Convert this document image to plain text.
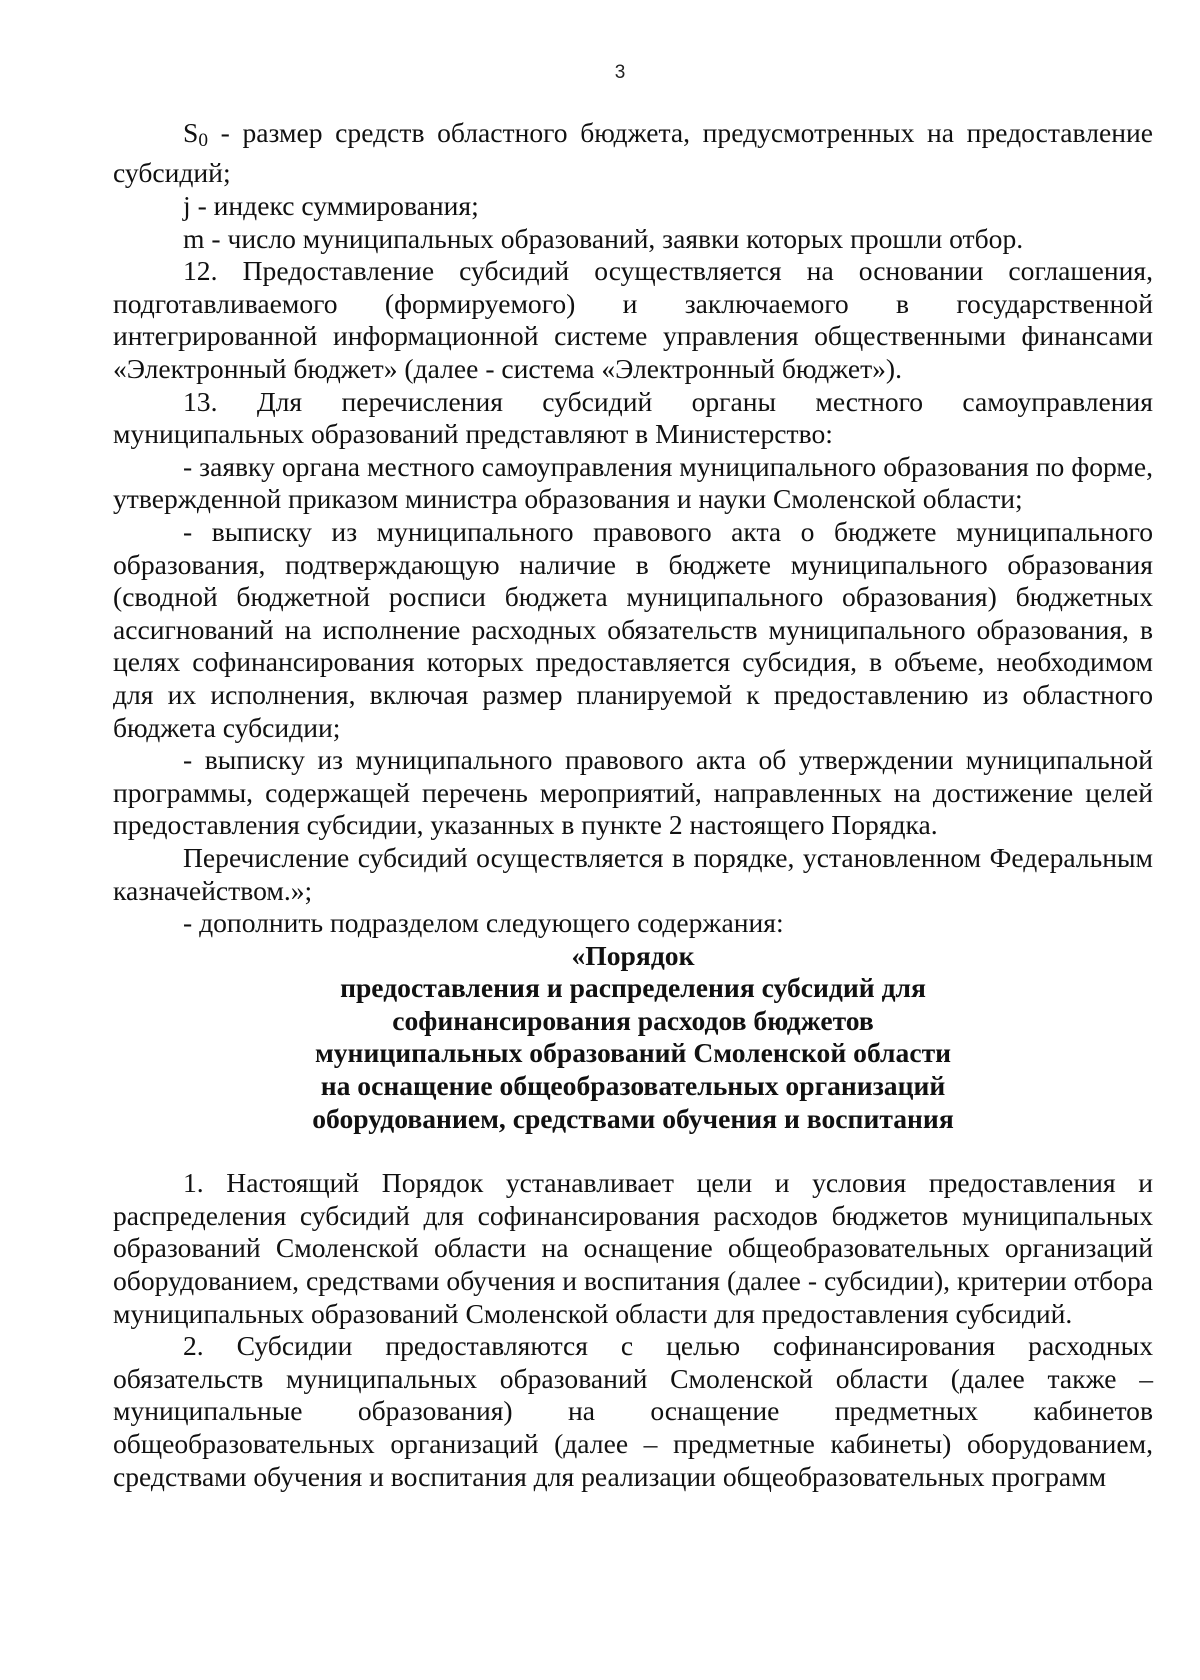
3

S0 - размер средств областного бюджета, предусмотренных на предоставление субсидий;

j - индекс суммирования;

m - число муниципальных образований, заявки которых прошли отбор.

12. Предоставление субсидий осуществляется на основании соглашения, подготавливаемого (формируемого) и заключаемого в государственной интегрированной информационной системе управления общественными финансами «Электронный бюджет» (далее - система «Электронный бюджет»).

13. Для перечисления субсидий органы местного самоуправления муниципальных образований представляют в Министерство:

- заявку органа местного самоуправления муниципального образования по форме, утвержденной приказом министра образования и науки Смоленской области;

- выписку из муниципального правового акта о бюджете муниципального образования, подтверждающую наличие в бюджете муниципального образования (сводной бюджетной росписи бюджета муниципального образования) бюджетных ассигнований на исполнение расходных обязательств муниципального образования, в целях софинансирования которых предоставляется субсидия, в объеме, необходимом для их исполнения, включая размер планируемой к предоставлению из областного бюджета субсидии;

- выписку из муниципального правового акта об утверждении муниципальной программы, содержащей перечень мероприятий, направленных на достижение целей предоставления субсидии, указанных в пункте 2 настоящего Порядка.

Перечисление субсидий осуществляется в порядке, установленном Федеральным казначейством.»;

- дополнить подразделом следующего содержания:

«Порядок

предоставления и распределения субсидий для

софинансирования расходов бюджетов

муниципальных образований Смоленской области

на оснащение общеобразовательных организаций

оборудованием, средствами обучения и воспитания

1. Настоящий Порядок устанавливает цели и условия предоставления и распределения субсидий для софинансирования расходов бюджетов муниципальных образований Смоленской области на оснащение общеобразовательных организаций оборудованием, средствами обучения и воспитания (далее - субсидии), критерии отбора муниципальных образований Смоленской области для предоставления субсидий.

2. Субсидии предоставляются с целью софинансирования расходных обязательств муниципальных образований Смоленской области (далее также – муниципальные образования) на оснащение предметных кабинетов общеобразовательных организаций (далее – предметные кабинеты) оборудованием, средствами обучения и воспитания для реализации общеобразовательных программ
